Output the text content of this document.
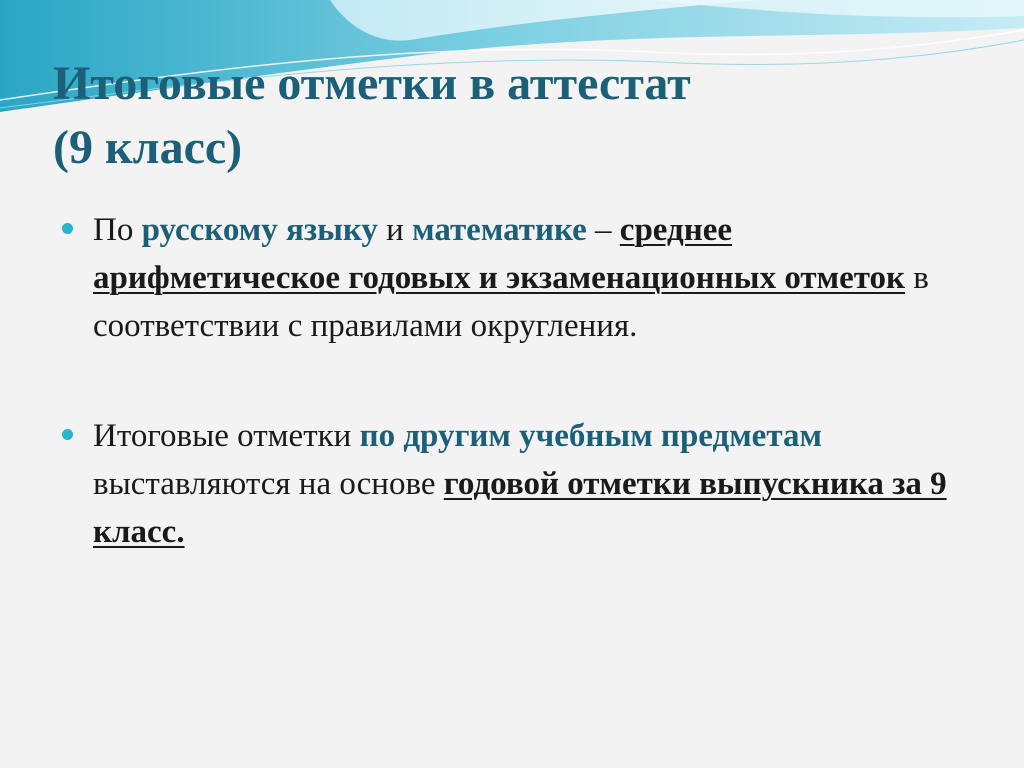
Итоговые отметки в аттестат
(9 класс)
По русскому языку и математике – среднее арифметическое годовых и экзаменационных отметок в соответствии с правилами округления.
Итоговые отметки по другим учебным предметам выставляются на основе годовой отметки выпускника за 9 класс.
